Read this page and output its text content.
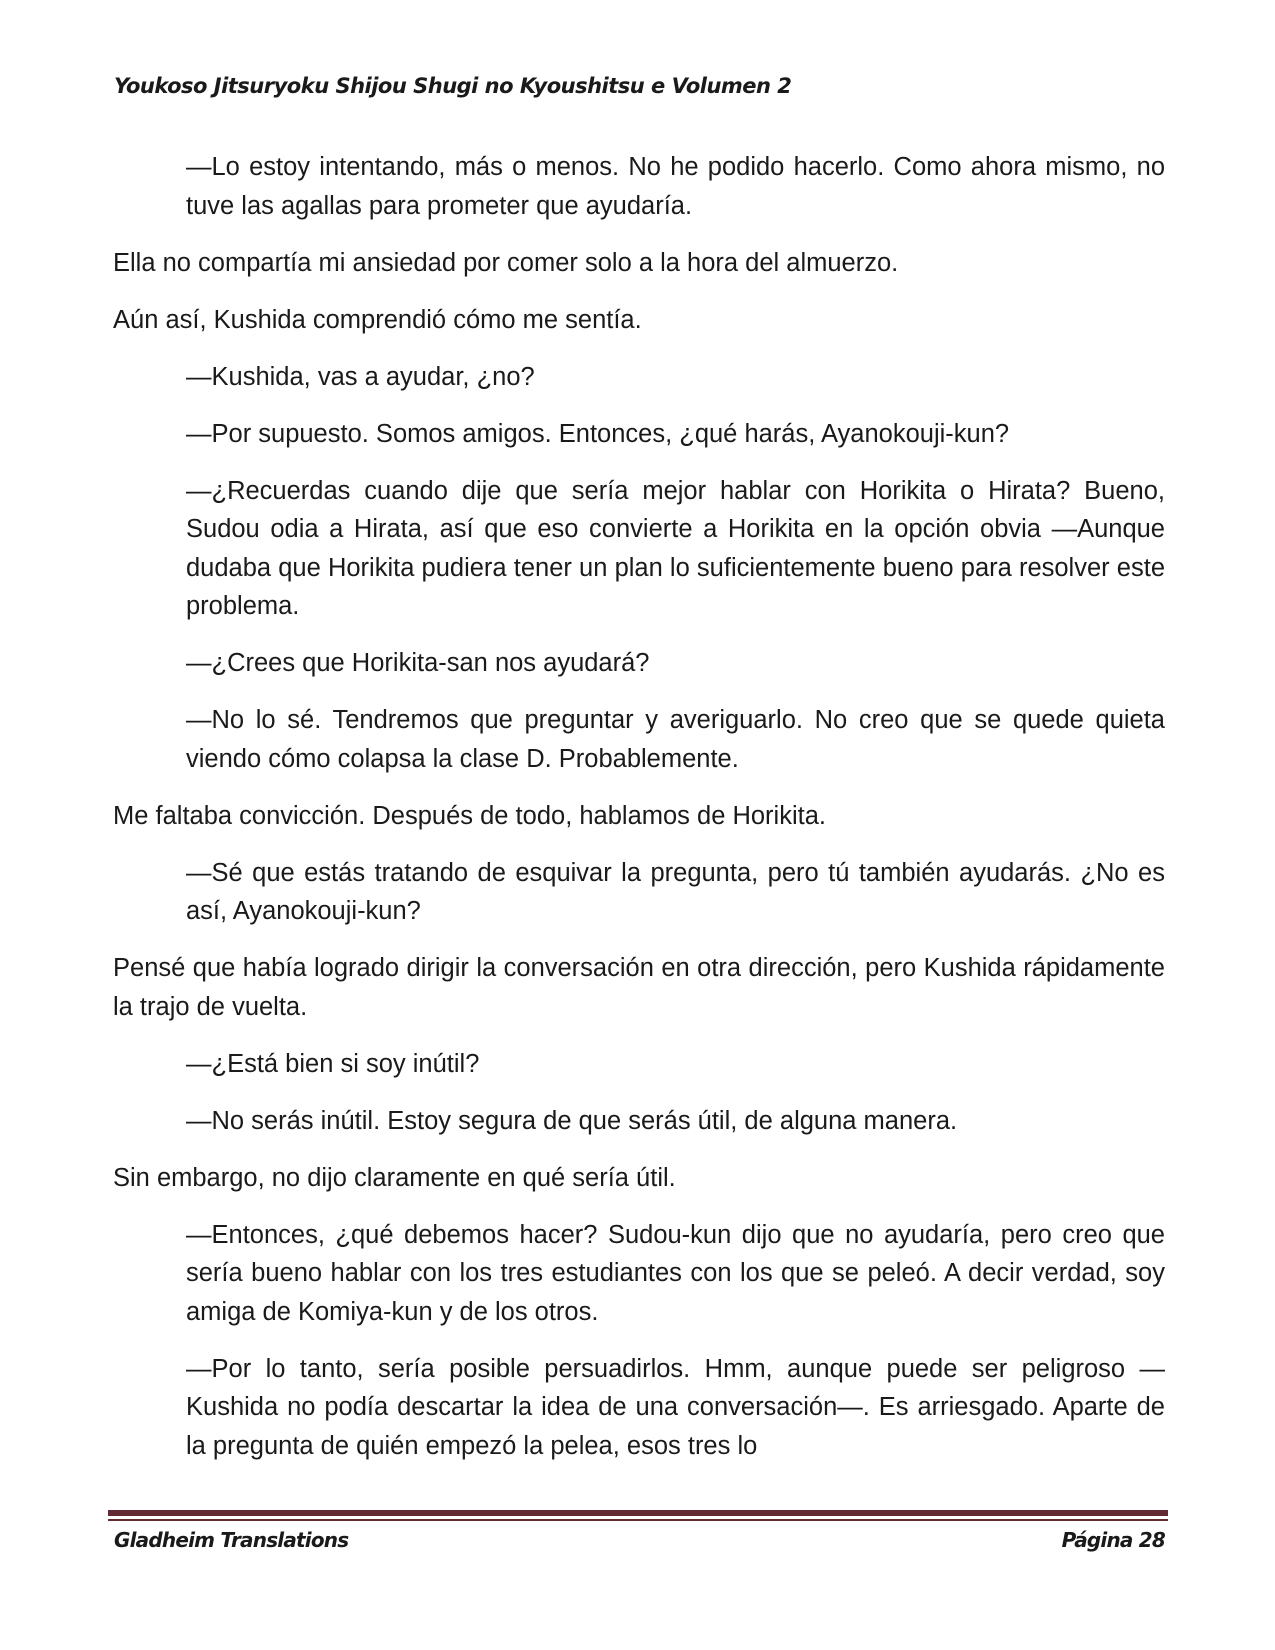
Youkoso Jitsuryoku Shijou Shugi no Kyoushitsu e Volumen 2

—Lo estoy intentando, más o menos. No he podido hacerlo. Como ahora mismo, no tuve las agallas para prometer que ayudaría.

Ella no compartía mi ansiedad por comer solo a la hora del almuerzo.

Aún así, Kushida comprendió cómo me sentía.

—Kushida, vas a ayudar, ¿no?

—Por supuesto. Somos amigos. Entonces, ¿qué harás, Ayanokouji-kun?

—¿Recuerdas cuando dije que sería mejor hablar con Horikita o Hirata? Bueno, Sudou odia a Hirata, así que eso convierte a Horikita en la opción obvia —Aunque dudaba que Horikita pudiera tener un plan lo suficientemente bueno para resolver este problema.

—¿Crees que Horikita-san nos ayudará?

—No lo sé. Tendremos que preguntar y averiguarlo. No creo que se quede quieta viendo cómo colapsa la clase D. Probablemente.

Me faltaba convicción. Después de todo, hablamos de Horikita.

—Sé que estás tratando de esquivar la pregunta, pero tú también ayudarás. ¿No es así, Ayanokouji-kun?

Pensé que había logrado dirigir la conversación en otra dirección, pero Kushida rápidamente la trajo de vuelta.

—¿Está bien si soy inútil?

—No serás inútil. Estoy segura de que serás útil, de alguna manera.

Sin embargo, no dijo claramente en qué sería útil.

—Entonces, ¿qué debemos hacer? Sudou-kun dijo que no ayudaría, pero creo que sería bueno hablar con los tres estudiantes con los que se peleó. A decir verdad, soy amiga de Komiya-kun y de los otros.

—Por lo tanto, sería posible persuadirlos. Hmm, aunque puede ser peligroso —Kushida no podía descartar la idea de una conversación—. Es arriesgado. Aparte de la pregunta de quién empezó la pelea, esos tres lo

Gladheim Translations	Página 28
